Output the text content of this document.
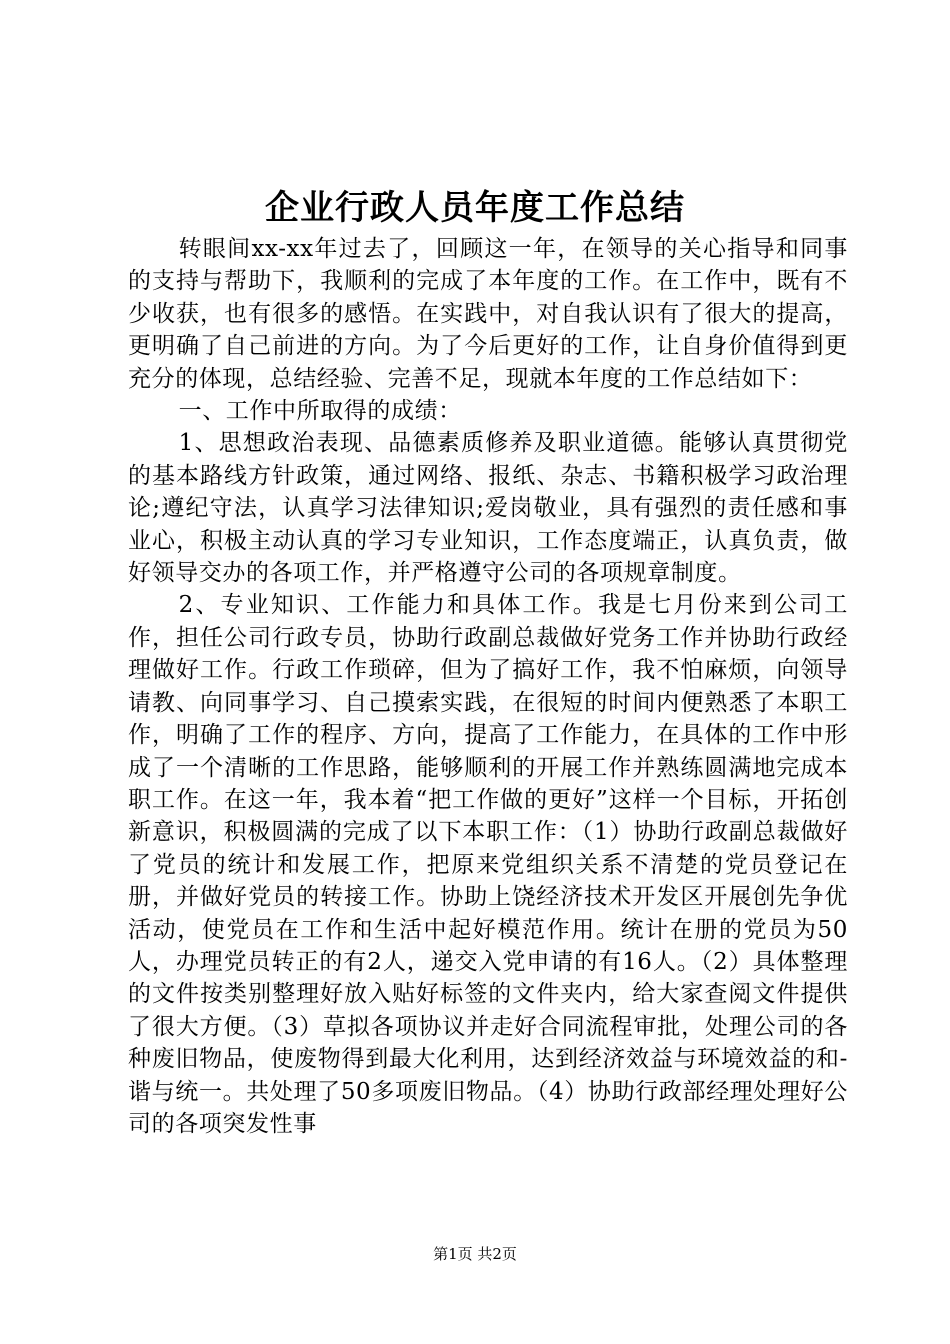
企业行政人员年度工作总结

转眼间xx-xx年过去了，回顾这一年，在领导的关心指导和同事的支持与帮助下，我顺利的完成了本年度的工作。在工作中，既有不少收获，也有很多的感悟。在实践中，对自我认识有了很大的提高，更明确了自己前进的方向。为了今后更好的工作，让自身价值得到更充分的体现，总结经验、完善不足，现就本年度的工作总结如下：

一、工作中所取得的成绩：

1、思想政治表现、品德素质修养及职业道德。能够认真贯彻党的基本路线方针政策，通过网络、报纸、杂志、书籍积极学习政治理论;遵纪守法，认真学习法律知识;爱岗敬业，具有强烈的责任感和事业心，积极主动认真的学习专业知识，工作态度端正，认真负责，做好领导交办的各项工作，并严格遵守公司的各项规章制度。

2、专业知识、工作能力和具体工作。我是七月份来到公司工作，担任公司行政专员，协助行政副总裁做好党务工作并协助行政经理做好工作。行政工作琐碎，但为了搞好工作，我不怕麻烦，向领导请教、向同事学习、自己摸索实践，在很短的时间内便熟悉了本职工作，明确了工作的程序、方向，提高了工作能力，在具体的工作中形成了一个清晰的工作思路，能够顺利的开展工作并熟练圆满地完成本职工作。在这一年，我本着“把工作做的更好”这样一个目标，开拓创新意识，积极圆满的完成了以下本职工作：（1）协助行政副总裁做好了党员的统计和发展工作，把原来党组织关系不清楚的党员登记在册，并做好党员的转接工作。协助上饶经济技术开发区开展创先争优活动，使党员在工作和生活中起好模范作用。统计在册的党员为50人，办理党员转正的有2人，递交入党申请的有16人。（2）具体整理的文件按类别整理好放入贴好标签的文件夹内，给大家查阅文件提供了很大方便。（3）草拟各项协议并走好合同流程审批，处理公司的各种废旧物品，使废物得到最大化利用，达到经济效益与环境效益的和-谐与统一。共处理了50多项废旧物品。（4）协助行政部经理处理好公司的各项突发性事

第1页 共2页
